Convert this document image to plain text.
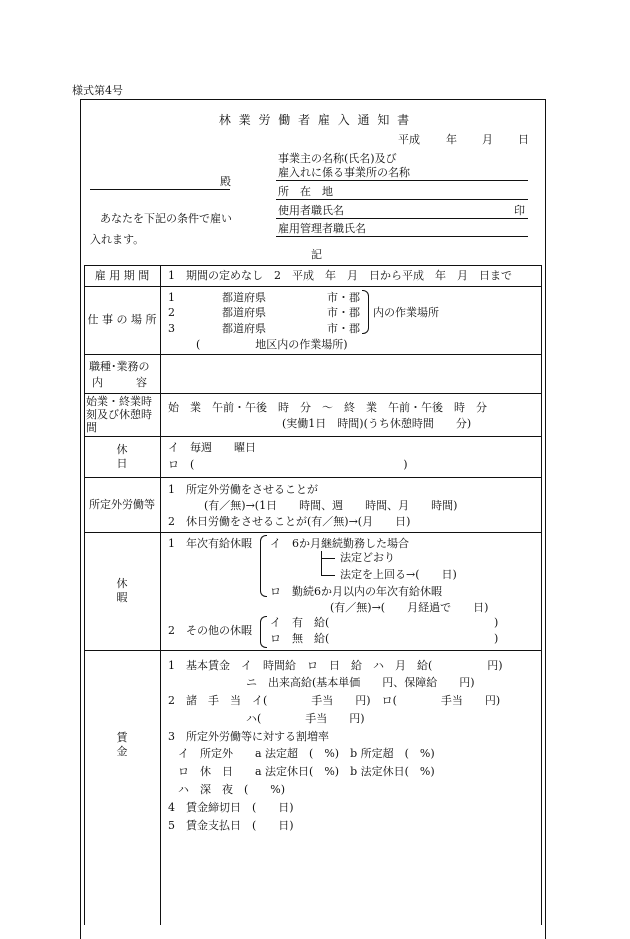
様式第4号
林 業 労 働 者 雇 入 通 知 書
平成 年 月 日
殿
事業主の名称(氏名)及び
雇入れに係る事業所の名称
所　在　地
使用者職氏名	印
雇用管理者職氏名
あなたを下記の条件で雇い
入れます。
記
雇 用 期 間	1　期間の定めなし　2　平成　年　月　日から平成　年　月　日まで
仕 事 の 場 所
1	都道府県	市・郡
2	都道府県	市・郡
3	都道府県	市・郡
内の作業場所
(　　　　　地区内の作業場所)
職種･業務の
内　　　容
始業・終業時
刻及び休憩時
間
始　業　午前・午後　時　分　〜　終　業　午前・午後　時　分
(実働1日　時間)(うち休憩時間　　分)
休　　　　　日
イ　毎週　　曜日
ロ　(　　　　　　　　　　　　　　　　　　　)
所定外労働等
1　所定外労働をさせることが
(有／無)→(1日　　時間、週　　時間、月　　時間)
2　休日労働をさせることが(有／無)→(月　　日)
休　　　　　暇
1　年次有給休暇 イ　6か月継続勤務した場合
法定どおり
法定を上回る→(　　日)
ロ　勤続6か月以内の年次有給休暇
(有／無)→(　　月経過で　　日)
2　その他の休暇
イ　有　給(	)
ロ　無　給(	)
賃　　　　　金
1　基本賃金　イ　時間給　ロ　日　給　ハ　月　給(　　　　　円)
ニ　出来高給(基本単価　　円、保障給　　円)
2　諸　手　当　イ(　　　　手当　　円)　ロ(　　　　手当　　円)
ハ(　　　　手当　　円)
3　所定外労働等に対する割増率
イ　所定外　　a 法定超　(　%)　b 所定超　(　%)
ロ　休　日　　a 法定休日(　%)　b 法定休日(　%)
ハ　深　夜　(　　%)
4　賃金締切日　(　　日)
5　賃金支払日　(　　日)
